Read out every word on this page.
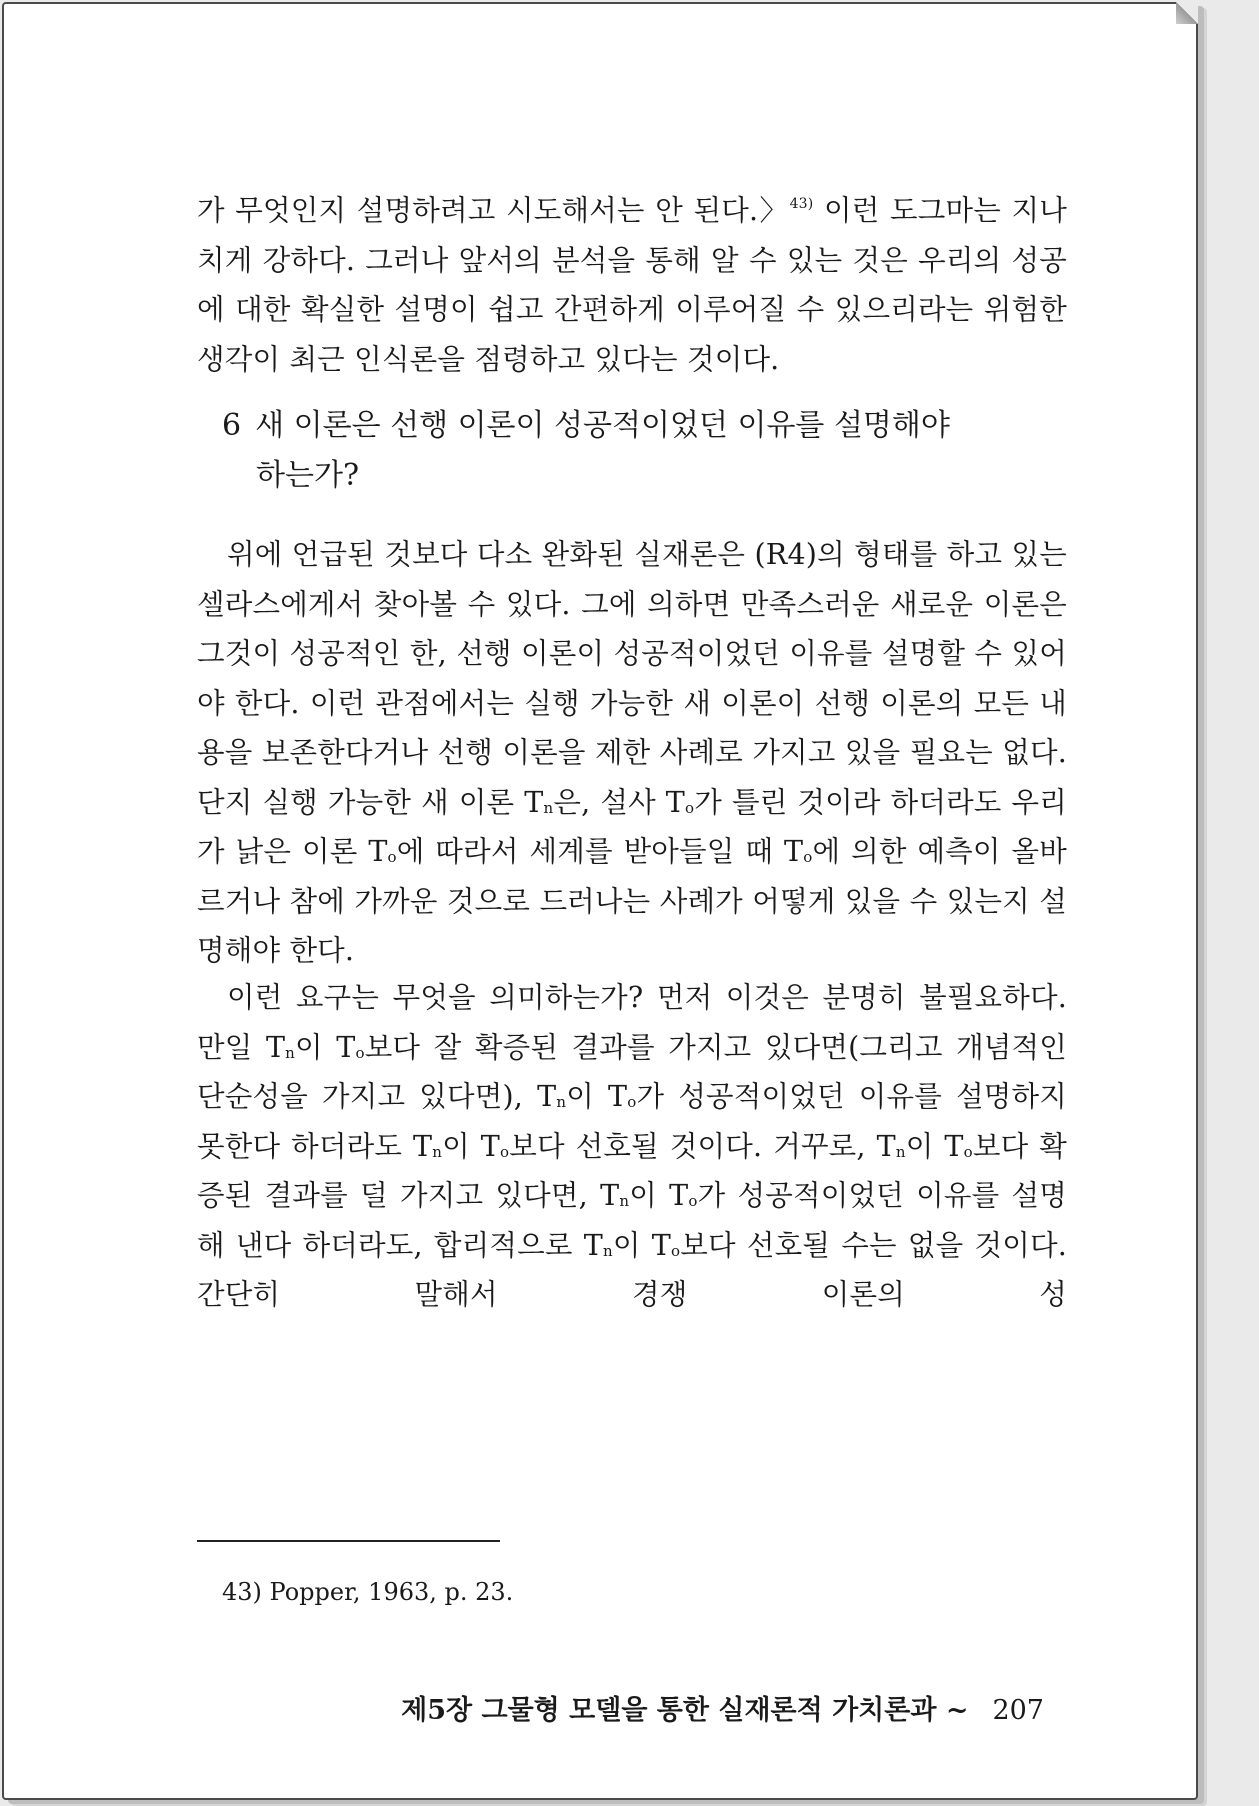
가 무엇인지 설명하려고 시도해서는 안 된다.〉$^{43)}$ 이런 도그마는 지나치게 강하다. 그러나 앞서의 분석을 통해 알 수 있는 것은 우리의 성공에 대한 확실한 설명이 쉽고 간편하게 이루어질 수 있으리라는 위험한 생각이 최근 인식론을 점령하고 있다는 것이다.

6 새 이론은 선행 이론이 성공적이었던 이유를 설명해야
하는가?

위에 언급된 것보다 다소 완화된 실재론은 (R4)의 형태를 하고 있는 셀라스에게서 찾아볼 수 있다. 그에 의하면 만족스러운 새로운 이론은 그것이 성공적인 한, 선행 이론이 성공적이었던 이유를 설명할 수 있어야 한다. 이런 관점에서는 실행 가능한 새 이론이 선행 이론의 모든 내용을 보존한다거나 선행 이론을 제한 사례로 가지고 있을 필요는 없다. 단지 실행 가능한 새 이론 $T_n$은, 설사 $T_o$가 틀린 것이라 하더라도 우리가 낡은 이론 $T_o$에 따라서 세계를 받아들일 때 $T_o$에 의한 예측이 올바르거나 참에 가까운 것으로 드러나는 사례가 어떻게 있을 수 있는지 설명해야 한다.

이런 요구는 무엇을 의미하는가? 먼저 이것은 분명히 불필요하다. 만일 $T_n$이 $T_o$보다 잘 확증된 결과를 가지고 있다면(그리고 개념적인 단순성을 가지고 있다면), $T_n$이 $T_o$가 성공적이었던 이유를 설명하지 못한다 하더라도 $T_n$이 $T_o$보다 선호될 것이다. 거꾸로, $T_n$이 $T_o$보다 확증된 결과를 덜 가지고 있다면, $T_n$이 $T_o$가 성공적이었던 이유를 설명해 낸다 하더라도, 합리적으로 $T_n$이 $T_o$보다 선호될 수는 없을 것이다. 간단히 말해서 경쟁 이론의 성

43) Popper, 1963, p. 23.

제5장 그물형 모델을 통한 실재론적 가치론과 ~ 207
